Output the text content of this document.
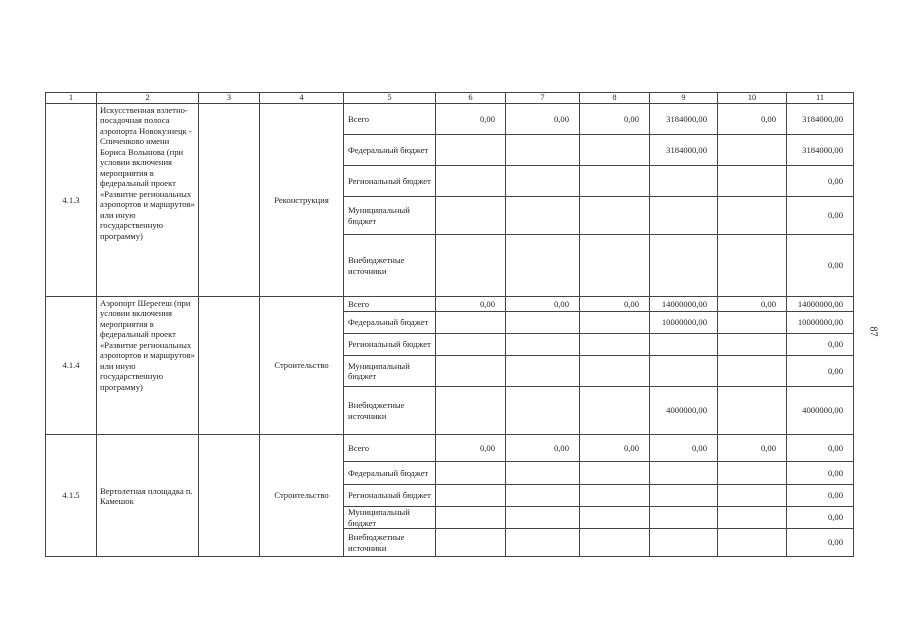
1	2	3	4	5	6	7	8	9	10	11
4.1.3	Искусственная взлетно-посадочная полоса аэропорта Новокузнецк - Спиченково имени Бориса Волынова (при условии включения мероприятия в федеральный проект «Развитие региональных аэропортов и маршрутов» или иную государственную программу)		Реконструкция	Всего	0,00	0,00	0,00	3184000,00	0,00	3184000,00
				Федеральный бюджет				3184000,00		3184000,00
				Региональный бюджет						0,00
				Муниципальный бюджет						0,00
				Внебюджетные источники						0,00
4.1.4	Аэропорт Шерегеш (при условии включения мероприятия в федеральный проект «Развитие региональных аэропортов и маршрутов» или иную государственную программу)		Строительство	Всего	0,00	0,00	0,00	14000000,00	0,00	14000000,00
				Федеральный бюджет				10000000,00		10000000,00
				Региональный бюджет						0,00
				Муниципальный бюджет						0,00
				Внебюджетные источники				4000000,00		4000000,00
4.1.5	Вертолетная площадка п. Камешок		Строительство	Всего	0,00	0,00	0,00	0,00	0,00	0,00
				Федеральный бюджет						0,00
				Региональный бюджет						0,00
				Муниципальный бюджет						0,00
				Внебюджетные источники						0,00
87
